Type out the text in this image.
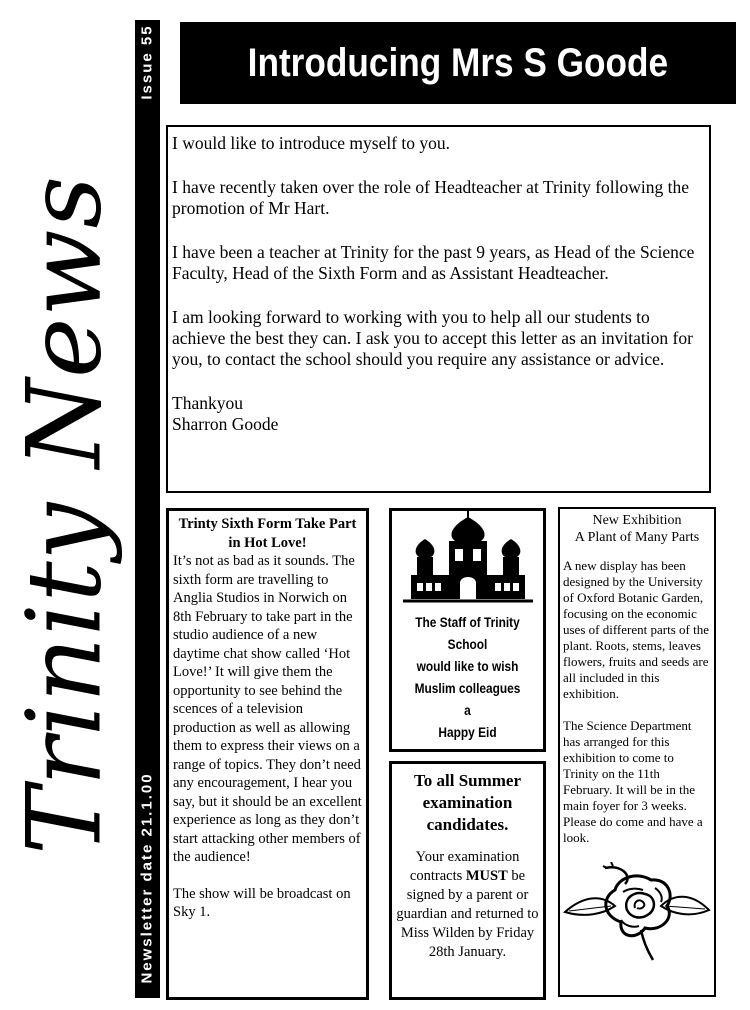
Trinity News
Issue 55
Newsletter date 21.1.00
Introducing Mrs S Goode

I would like to introduce myself to you.

I have recently taken over the role of Headteacher at Trinity following the promotion of Mr Hart.

I have been a teacher at Trinity for the past 9 years, as Head of the Science Faculty, Head of the Sixth Form and as Assistant Headteacher.

I am looking forward to working with you to help all our students to achieve the best they can. I ask you to accept this letter as an invitation for you, to contact the school should you require any assistance or advice.

Thankyou
Sharron Goode
Trinty Sixth Form Take Part in Hot Love!

It’s not as bad as it sounds. The sixth form are travelling to Anglia Studios in Norwich on 8th February to take part in the studio audience of a new daytime chat show called ‘Hot Love!’ It will give them the opportunity to see behind the scences of a television production as well as allowing them to express their views on a range of topics. They don’t need any encouragement, I hear you say, but it should be an excellent experience as long as they don’t start attacking other members of the audience!

The show will be broadcast on Sky 1.

The Staff of Trinity School
would like to wish
Muslim colleagues
a
Happy Eid
To all Summer examination candidates.
Your examination contracts MUST be signed by a parent or guardian and returned to Miss Wilden by Friday 28th January.
New Exhibition
A Plant of Many Parts

A new display has been designed by the University of Oxford Botanic Garden, focusing on the economic uses of different parts of the plant. Roots, stems, leaves flowers, fruits and seeds are all included in this exhibition.

The Science Department has arranged for this exhibition to come to Trinity on the 11th February. It will be in the main foyer for 3 weeks. Please do come and have a look.
